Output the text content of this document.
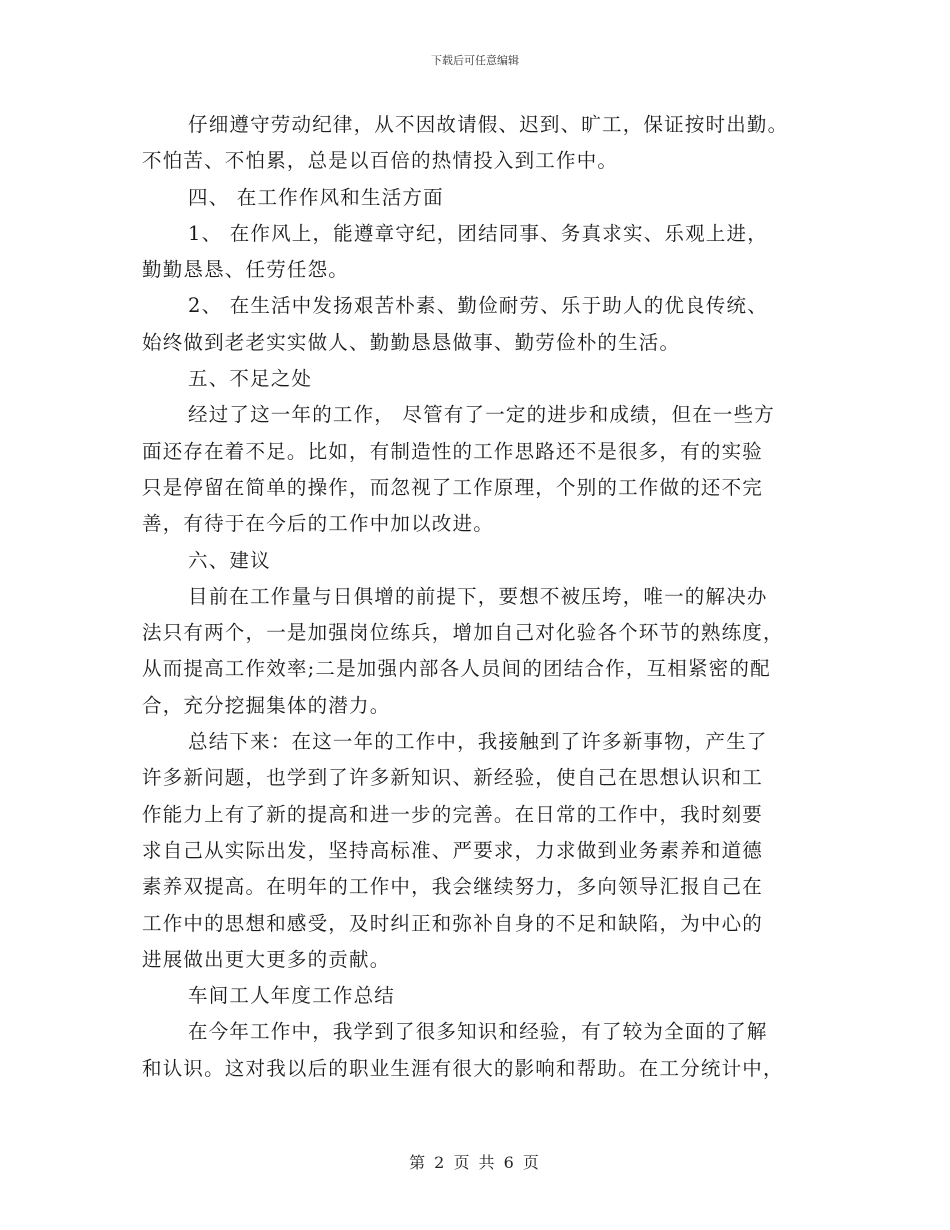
下载后可任意编辑
仔细遵守劳动纪律，从不因故请假、迟到、旷工，保证按时出勤。
不怕苦、不怕累，总是以百倍的热情投入到工作中。
四、 在工作作风和生活方面
1、 在作风上，能遵章守纪，团结同事、务真求实、乐观上进，
勤勤恳恳、任劳任怨。
2、 在生活中发扬艰苦朴素、勤俭耐劳、乐于助人的优良传统、
始终做到老老实实做人、勤勤恳恳做事、勤劳俭朴的生活。
五、不足之处
经过了这一年的工作， 尽管有了一定的进步和成绩，但在一些方
面还存在着不足。比如，有制造性的工作思路还不是很多，有的实验
只是停留在简单的操作，而忽视了工作原理，个别的工作做的还不完
善，有待于在今后的工作中加以改进。
六、建议
目前在工作量与日俱增的前提下，要想不被压垮，唯一的解决办
法只有两个，一是加强岗位练兵，增加自己对化验各个环节的熟练度，
从而提高工作效率;二是加强内部各人员间的团结合作，互相紧密的配
合，充分挖掘集体的潜力。
总结下来：在这一年的工作中，我接触到了许多新事物，产生了
许多新问题，也学到了许多新知识、新经验，使自己在思想认识和工
作能力上有了新的提高和进一步的完善。在日常的工作中，我时刻要
求自己从实际出发，坚持高标准、严要求，力求做到业务素养和道德
素养双提高。在明年的工作中，我会继续努力，多向领导汇报自己在
工作中的思想和感受，及时纠正和弥补自身的不足和缺陷，为中心的
进展做出更大更多的贡献。
车间工人年度工作总结
在今年工作中，我学到了很多知识和经验，有了较为全面的了解
和认识。这对我以后的职业生涯有很大的影响和帮助。在工分统计中，
第 2 页 共 6 页
